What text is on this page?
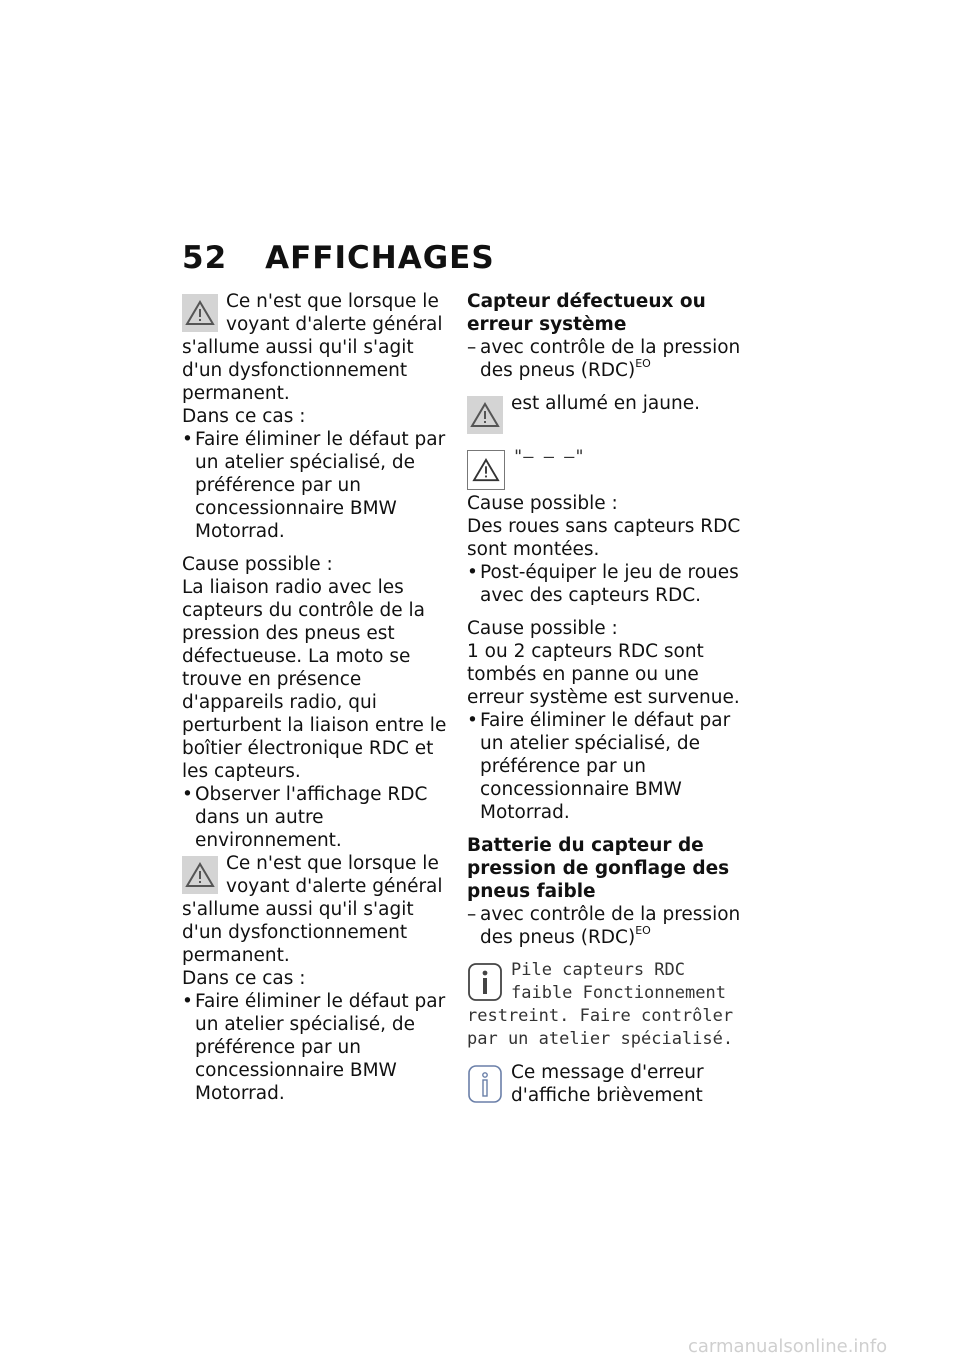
52 AFFICHAGES

Ce n'est que lorsque le voyant d'alerte général s'allume aussi qu'il s'agit d'un dysfonctionnement permanent.

Dans ce cas :

• Faire éliminer le défaut par un atelier spécialisé, de préférence par un concessionnaire BMW Motorrad.

Cause possible :

La liaison radio avec les capteurs du contrôle de la pression des pneus est défectueuse. La moto se trouve en présence d'appareils radio, qui perturbent la liaison entre le boîtier électronique RDC et les capteurs.

• Observer l'affichage RDC dans un autre environnement.

Ce n'est que lorsque le voyant d'alerte général s'allume aussi qu'il s'agit d'un dysfonctionnement permanent.

Dans ce cas :

• Faire éliminer le défaut par un atelier spécialisé, de préférence par un concessionnaire BMW Motorrad.

Capteur défectueux ou erreur système

– avec contrôle de la pression des pneus (RDC)$^{EO}$

est allumé en jaune.

"– – –"

Cause possible :

Des roues sans capteurs RDC sont montées.

• Post-équiper le jeu de roues avec des capteurs RDC.

Cause possible :

1 ou 2 capteurs RDC sont tombés en panne ou une erreur système est survenue.

• Faire éliminer le défaut par un atelier spécialisé, de préférence par un concessionnaire BMW Motorrad.

Batterie du capteur de pression de gonflage des pneus faible

– avec contrôle de la pression des pneus (RDC)$^{EO}$

Pile capteurs RDC faible Fonctionnement restreint. Faire contrôler par un atelier spécialisé.

Ce message d'erreur d'affiche brièvement

carmanualsonline.info
